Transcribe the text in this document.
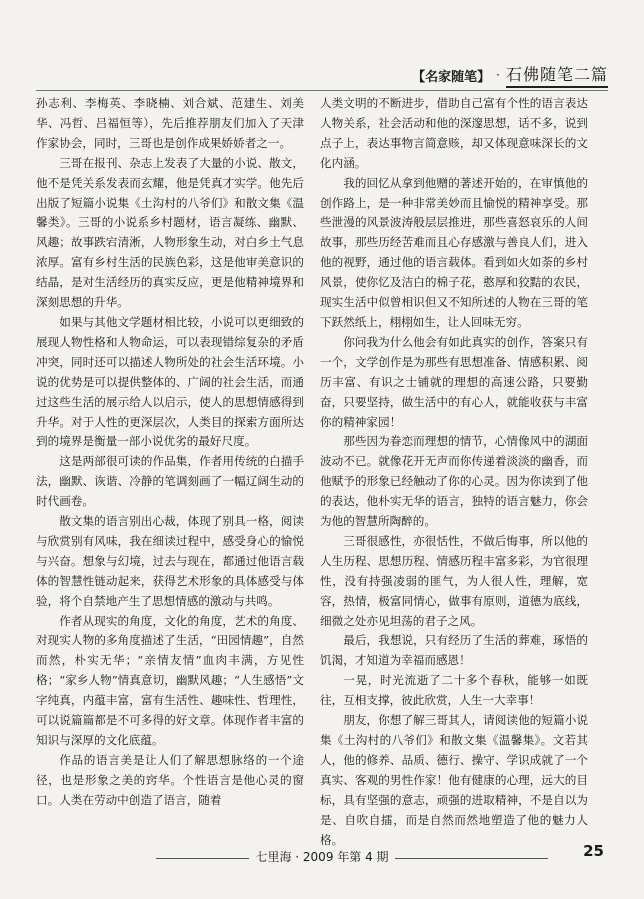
【名家随笔】 · 石佛随笔二篇

孙志利、李梅英、李晓楠、刘合斌、范建生、刘美华、冯哲、吕福恒等），先后推荐朋友们加入了天津作家协会，同时，三哥也是创作成果娇娇者之一。

三哥在报刊、杂志上发表了大量的小说、散文，他不是凭关系发表而玄耀，他是凭真才实学。他先后出版了短篇小说集《土沟村的八爷们》和散文集《温馨类》。三哥的小说系乡村题材，语言凝练、幽默、风趣；故事跌宕清淅，人物形象生动，对白乡土气息浓厚。富有乡村生活的民族色彩，这是他审美意识的结晶，是对生活经历的真实反应，更是他精神境界和深刻思想的升华。

如果与其他文学题材相比较，小说可以更细致的展现人物性格和人物命运，可以表现错综复杂的矛盾冲突，同时还可以描述人物所处的社会生活环境。小说的优势是可以提供整体的、广阔的社会生活，而通过这些生活的展示给人以启示，使人的思想情感得到升华。对于人性的更深层次，人类目的探索方面所达到的境界是衡量一部小说优劣的最好尺度。

这是两部很可读的作品集，作者用传统的白描手法，幽默、诙谐、冷静的笔调刻画了一幅辽阔生动的时代画卷。

散文集的语言别出心裁，体现了别具一格，阅读与欣赏别有风味，我在细读过程中，感受身心的愉悦与兴奋。想象与幻境，过去与现在，都通过他语言载体的智慧性链动起来，获得艺术形象的具体感受与体验，将个自禁地产生了思想情感的激动与共鸣。

作者从现实的角度，文化的角度，艺术的角度、对现实人物的多角度描述了生活，“田园情趣”，自然而然，朴实无华；“亲情友情”血肉丰满，方见性格；“家乡人物”情真意切，幽默风趣；“人生感悟”文字纯真，内蕴丰富，富有生活性、趣味性、哲理性，可以说篇篇都是不可多得的好文章。体现作者丰富的知识与深厚的文化底蕴。

作品的语言美是让人们了解思想脉络的一个途径，也是形象之美的窍华。个性语言是他心灵的窗口。人类在劳动中创造了语言，随着

人类文明的不断进步，借助自己富有个性的语言表达人物关系，社会活动和他的深邃思想，话不多，说到点子上，表达事物言简意赅，却又体现意味深长的文化内涵。

我的回忆从拿到他赠的著述开始的，在审慎他的创作路上，是一种非常美妙而且愉悦的精神享受。那些泄漫的风景波涛般层层推进，那些喜怒哀乐的人间故事，那些历经苦难而且心存感激与善良人们，进入他的视野，通过他的语言载体。看到如火如荼的乡村风景，使你忆及洁白的棉子花，憨厚和狡黠的农民，现实生活中似曾相识但又不知所述的人物在三哥的笔下跃然纸上，栩栩如生，让人回味无穷。

你问我为什么他会有如此真实的创作，答案只有一个，文学创作是为那些有思想准备、情感积累、阅历丰富、有识之士铺就的理想的高速公路，只要勤奋，只要坚持，做生活中的有心人，就能收获与丰富你的精神家园！

那些因为眷恋而理想的情节，心情像风中的湖面波动不已。就像花开无声而你传递着淡淡的幽香，而他赋予的形象已经触动了你的心灵。因为你读到了他的表达，他朴实无华的语言，独特的语言魅力，你会为他的智慧所陶醉的。

三哥很感性，亦很恬性，不做后悔事，所以他的人生历程、思想历程、情感历程丰富多彩，为官很理性，没有持强凌弱的匪气，为人很人性，理解，宽容，热情，极富同情心，做事有原则，道德为底线，细微之处亦见坦荡的君子之风。

最后，我想说，只有经历了生活的葬难，琢悟的饥渴，才知道为幸福而感恩！

一晃，时光流逝了二十多个春秋，能够一如既往，互相支撑，彼此欣赏，人生一大幸事！

朋友，你想了解三哥其人，请阅读他的短篇小说集《土沟村的八爷们》和散文集《温馨集》。文若其人，他的修养、品质、德行、操守、学识成就了一个真实、客观的男性作家！他有健康的心理，远大的目标，具有坚强的意志，顽强的进取精神，不是自以为是、自吹自擂，而是自然而然地塑造了他的魅力人格。

七里海 · 2009 年第 4 期	25
